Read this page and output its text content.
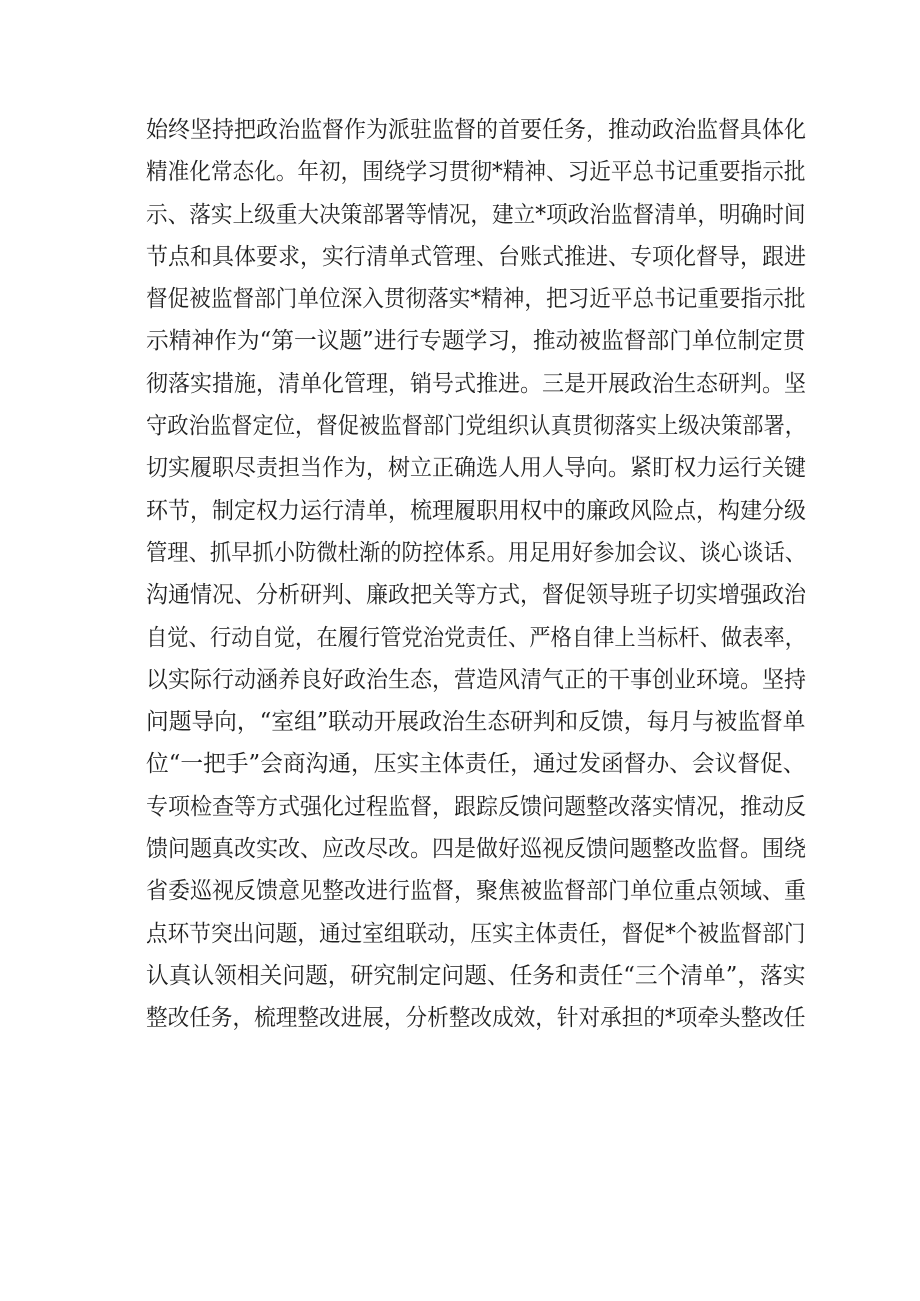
始终坚持把政治监督作为派驻监督的首要任务，推动政治监督具体化
精准化常态化。年初，围绕学习贯彻*精神、习近平总书记重要指示批
示、落实上级重大决策部署等情况，建立*项政治监督清单，明确时间
节点和具体要求，实行清单式管理、台账式推进、专项化督导，跟进
督促被监督部门单位深入贯彻落实*精神，把习近平总书记重要指示批
示精神作为“第一议题”进行专题学习，推动被监督部门单位制定贯
彻落实措施，清单化管理，销号式推进。三是开展政治生态研判。坚
守政治监督定位，督促被监督部门党组织认真贯彻落实上级决策部署，
切实履职尽责担当作为，树立正确选人用人导向。紧盯权力运行关键
环节，制定权力运行清单，梳理履职用权中的廉政风险点，构建分级
管理、抓早抓小防微杜渐的防控体系。用足用好参加会议、谈心谈话、
沟通情况、分析研判、廉政把关等方式，督促领导班子切实增强政治
自觉、行动自觉，在履行管党治党责任、严格自律上当标杆、做表率，
以实际行动涵养良好政治生态，营造风清气正的干事创业环境。坚持
问题导向，“室组”联动开展政治生态研判和反馈，每月与被监督单
位“一把手”会商沟通，压实主体责任，通过发函督办、会议督促、
专项检查等方式强化过程监督，跟踪反馈问题整改落实情况，推动反
馈问题真改实改、应改尽改。四是做好巡视反馈问题整改监督。围绕
省委巡视反馈意见整改进行监督，聚焦被监督部门单位重点领域、重
点环节突出问题，通过室组联动，压实主体责任，督促*个被监督部门
认真认领相关问题，研究制定问题、任务和责任“三个清单”，落实
整改任务，梳理整改进展，分析整改成效，针对承担的*项牵头整改任
